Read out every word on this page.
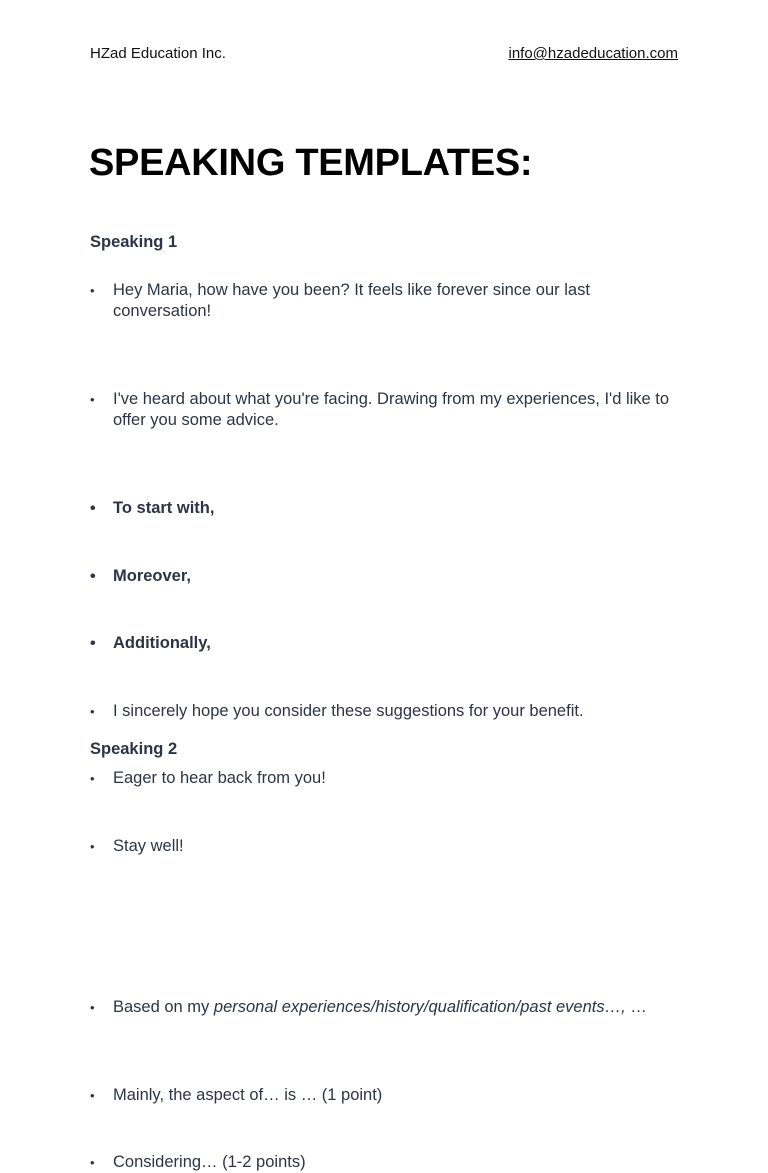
HZad Education Inc.	info@hzadeducation.com
SPEAKING TEMPLATES:
Speaking 1
• Hey Maria, how have you been? It feels like forever since our last conversation!
• I've heard about what you're facing. Drawing from my experiences, I'd like to offer you some advice.
• To start with,
• Moreover,
• Additionally,
• I sincerely hope you consider these suggestions for your benefit.
• Eager to hear back from you!
• Stay well!
Speaking 2
• Based on my personal experiences/history/qualification/past events…, …
• Mainly, the aspect of… is … (1 point)
• Considering… (1-2 points)
